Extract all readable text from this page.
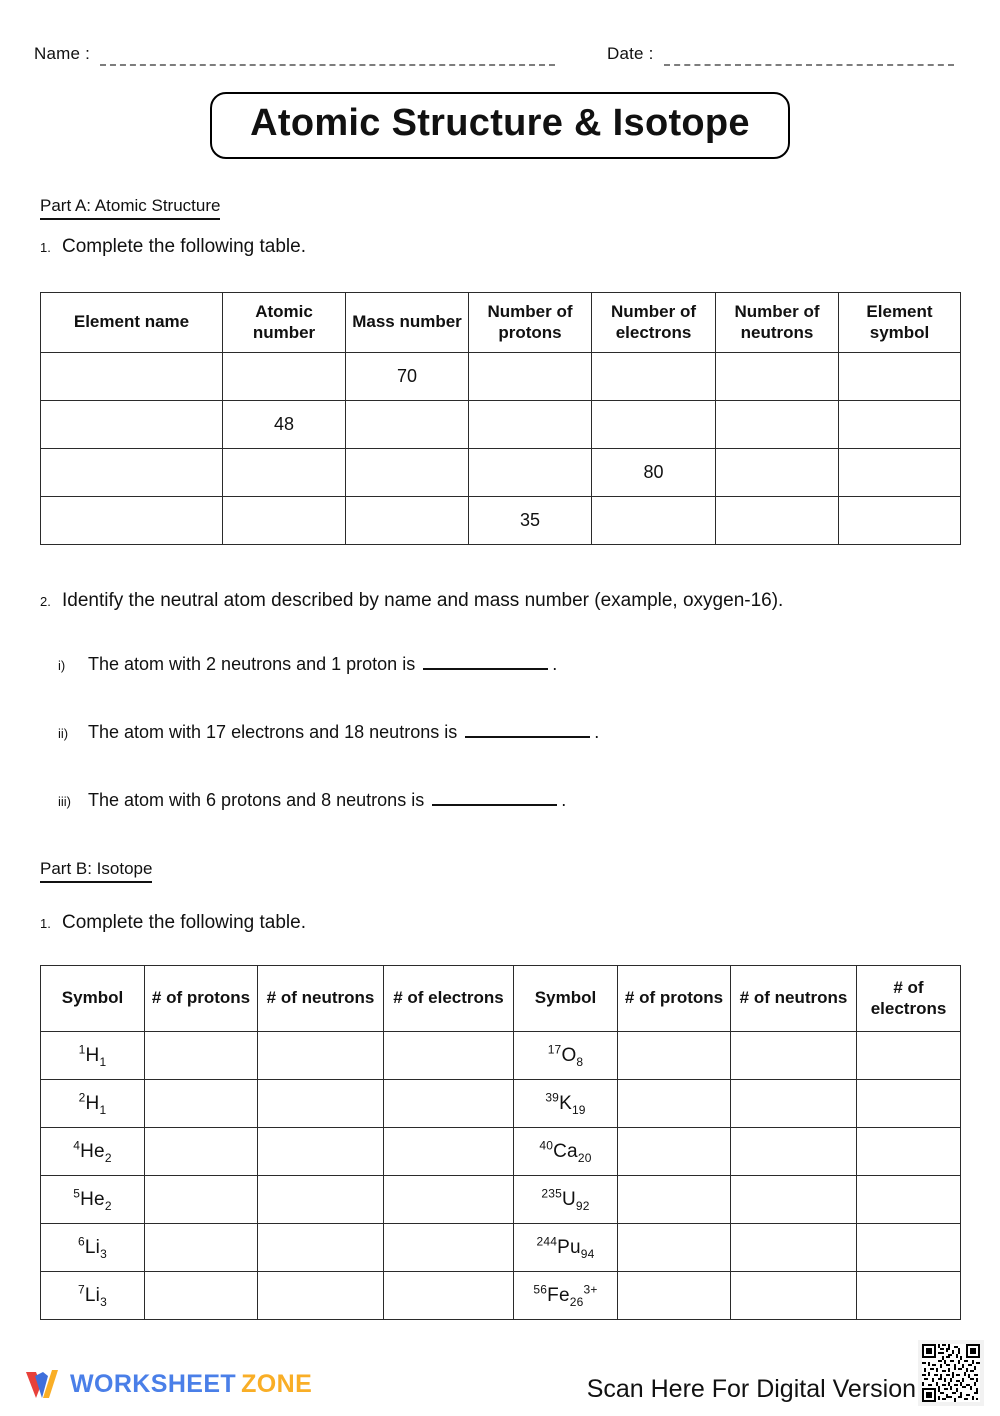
Name :	Date :
Atomic Structure & Isotope
Part A: Atomic Structure
1. Complete the following table.
Element name	Atomic number	Mass number	Number of protons	Number of electrons	Number of neutrons	Element symbol
		70				
	48					
				80		
			35			
2. Identify the neutral atom described by name and mass number (example, oxygen-16).
i)	The atom with 2 neutrons and 1 proton is	.
ii)	The atom with 17 electrons and 18 neutrons is	.
iii) The atom with 6 protons and 8 neutrons is	.
Part B: Isotope
1. Complete the following table.
Symbol	# of protons	# of neutrons	# of electrons	Symbol	# of protons	# of neutrons	# of electrons
$^1H_1$				$^{17}O_8$			
$^2H_1$				$^{39}K_{19}$			
$^4He_2$				$^{40}Ca_{20}$			
$^5He_2$				$^{235}U_{92}$			
$^6Li_3$				$^{244}Pu_{94}$			
$^7Li_3$				$^{56}Fe_{26}^{3+}$			
WORKSHEET ZONE	Scan Here For Digital Version
